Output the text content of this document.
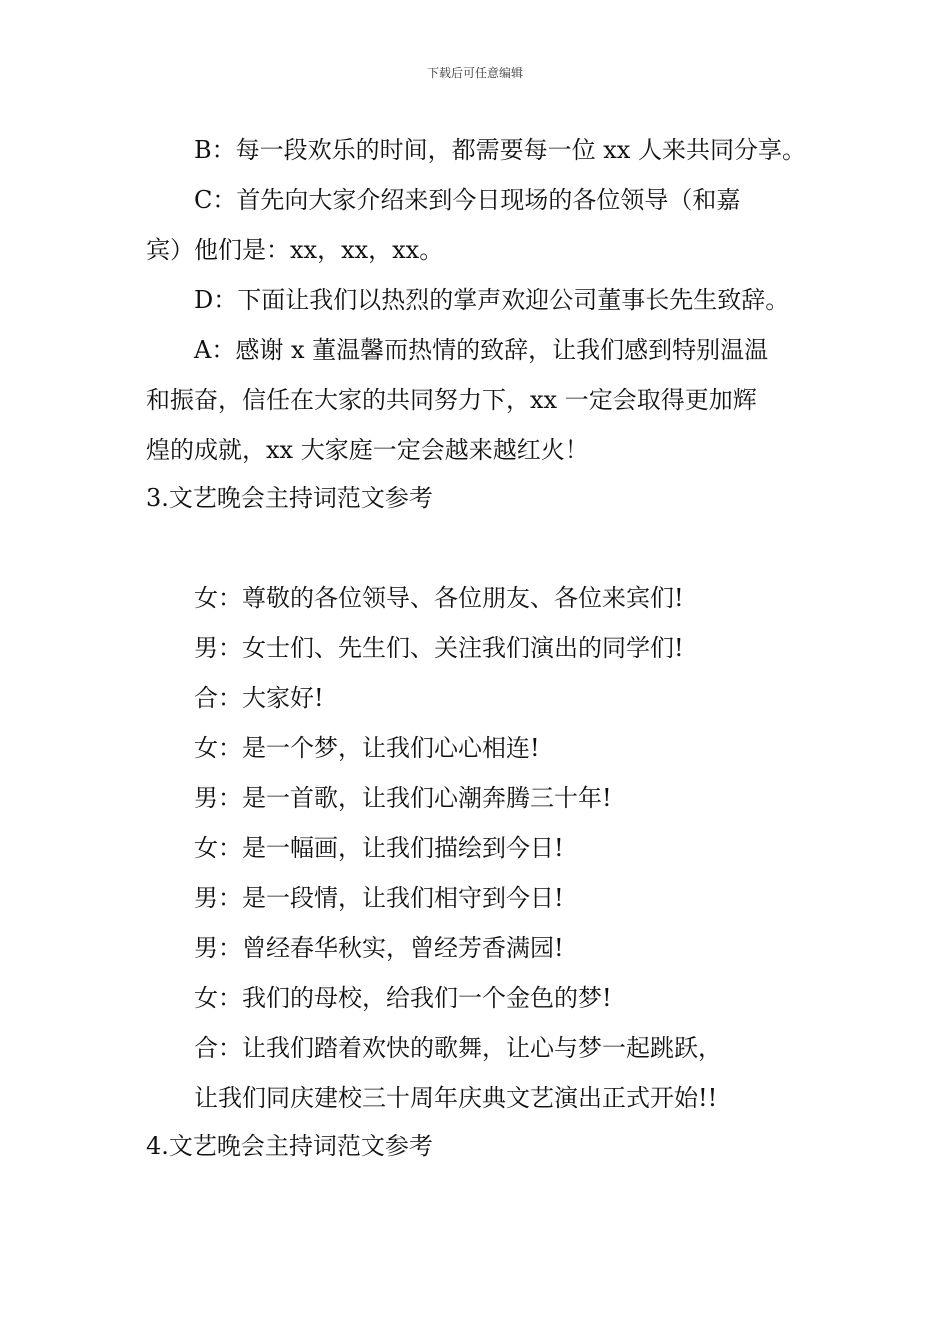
下载后可任意编辑
B：每一段欢乐的时间，都需要每一位 xx 人来共同分享。
C：首先向大家介绍来到今日现场的各位领导（和嘉
宾）他们是：xx，xx，xx。
D：下面让我们以热烈的掌声欢迎公司董事长先生致辞。
A：感谢 x 董温馨而热情的致辞，让我们感到特别温温
和振奋，信任在大家的共同努力下，xx 一定会取得更加辉
煌的成就，xx 大家庭一定会越来越红火！
3.文艺晚会主持词范文参考
女：尊敬的各位领导、各位朋友、各位来宾们!
男：女士们、先生们、关注我们演出的同学们!
合：大家好!
女：是一个梦，让我们心心相连!
男：是一首歌，让我们心潮奔腾三十年!
女：是一幅画，让我们描绘到今日!
男：是一段情，让我们相守到今日!
男：曾经春华秋实，曾经芳香满园!
女：我们的母校，给我们一个金色的梦!
合：让我们踏着欢快的歌舞，让心与梦一起跳跃，
让我们同庆建校三十周年庆典文艺演出正式开始!!
4.文艺晚会主持词范文参考
